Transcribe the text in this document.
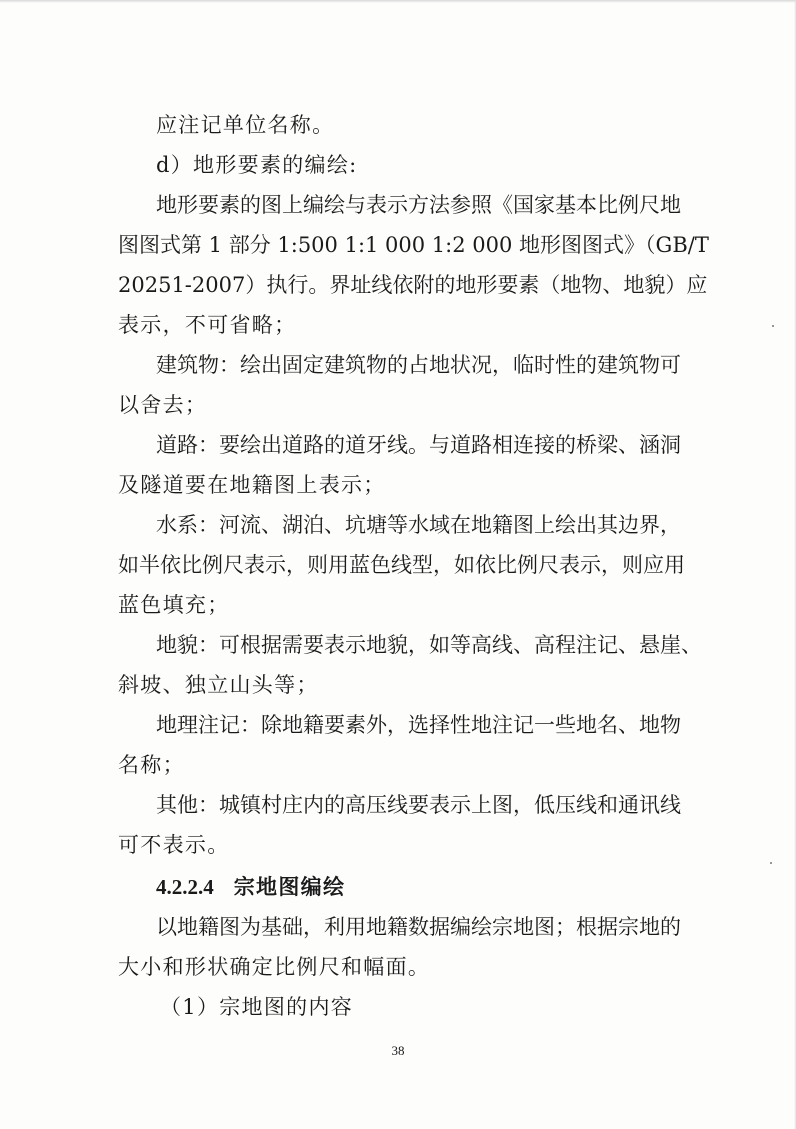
应注记单位名称。

d）地形要素的编绘:

地形要素的图上编绘与表示方法参照《国家基本比例尺地

图图式第 1 部分 1:500 1:1 000 1:2 000 地形图图式》（GB/T

20251-2007）执行。界址线依附的地形要素（地物、地貌）应

表示，不可省略；

建筑物：绘出固定建筑物的占地状况，临时性的建筑物可

以舍去；

道路：要绘出道路的道牙线。与道路相连接的桥梁、涵洞

及隧道要在地籍图上表示；

水系：河流、湖泊、坑塘等水域在地籍图上绘出其边界，

如半依比例尺表示，则用蓝色线型，如依比例尺表示，则应用

蓝色填充；

地貌：可根据需要表示地貌，如等高线、高程注记、悬崖、

斜坡、独立山头等；

地理注记：除地籍要素外，选择性地注记一些地名、地物

名称；

其他：城镇村庄内的高压线要表示上图，低压线和通讯线

可不表示。

4.2.2.4 宗地图编绘

以地籍图为基础，利用地籍数据编绘宗地图；根据宗地的

大小和形状确定比例尺和幅面。

（1）宗地图的内容

38
